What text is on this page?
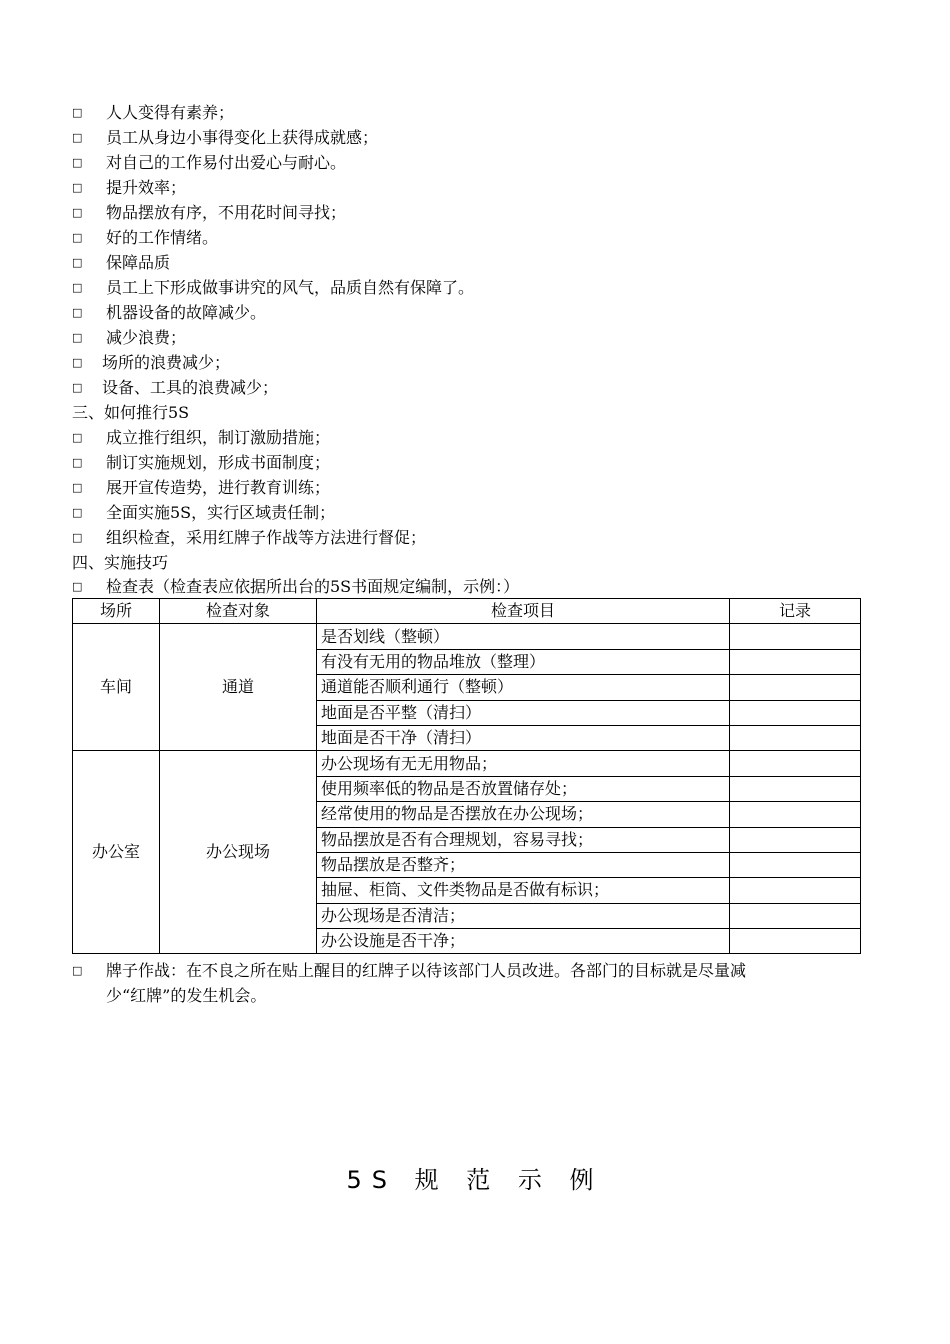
□ 人人变得有素养；
□ 员工从身边小事得变化上获得成就感；
□ 对自己的工作易付出爱心与耐心。
□ 提升效率；
□ 物品摆放有序，不用花时间寻找；
□ 好的工作情绪。
□ 保障品质
□ 员工上下形成做事讲究的风气，品质自然有保障了。
□ 机器设备的故障减少。
□ 减少浪费；
□ 场所的浪费减少；
□ 设备、工具的浪费减少；
三、如何推行5S
□ 成立推行组织，制订激励措施；
□ 制订实施规划，形成书面制度；
□ 展开宣传造势，进行教育训练；
□ 全面实施5S，实行区域责任制；
□ 组织检查，采用红牌子作战等方法进行督促；
四、实施技巧
□ 检查表（检查表应依据所出台的5S书面规定编制，示例：）
场所	检查对象	检查项目	记录
车间	通道	是否划线（整顿）	
		有没有无用的物品堆放（整理）	
		通道能否顺利通行（整顿）	
		地面是否平整（清扫）	
		地面是否干净（清扫）	
办公室	办公现场	办公现场有无无用物品；	
		使用频率低的物品是否放置储存处；	
		经常使用的物品是否摆放在办公现场；	
		物品摆放是否有合理规划，容易寻找；	
		物品摆放是否整齐；	
		抽屉、柜筒、文件类物品是否做有标识；	
		办公现场是否清洁；	
		办公设施是否干净；	
□ 牌子作战：在不良之所在贴上醒目的红牌子以待该部门人员改进。各部门的目标就是尽量减
少“红牌”的发生机会。
5S 规 范 示 例
